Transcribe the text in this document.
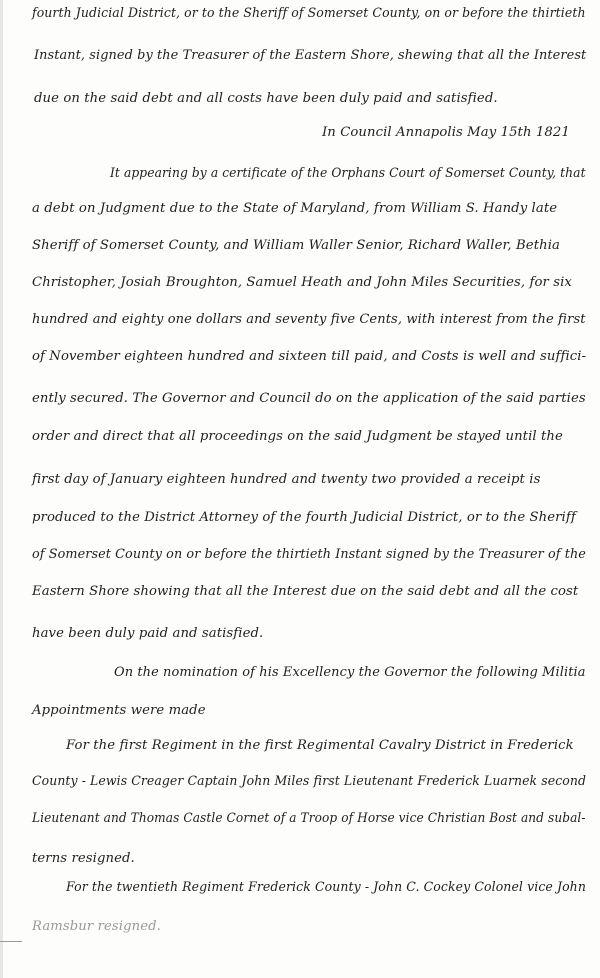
fourth Judicial District, or to the Sheriff of Somerset County, on or before the thirtieth
Instant, signed by the Treasurer of the Eastern Shore, shewing that all the Interest
due on the said debt and all costs have been duly paid and satisfied.
In Council Annapolis May 15th 1821
It appearing by a certificate of the Orphans Court of Somerset County, that
a debt on Judgment due to the State of Maryland, from William S. Handy late
Sheriff of Somerset County, and William Waller Senior, Richard Waller, Bethia
Christopher, Josiah Broughton, Samuel Heath and John Miles Securities, for six
hundred and eighty one dollars and seventy five Cents, with interest from the first
of November eighteen hundred and sixteen till paid, and Costs is well and suffici-
ently secured. The Governor and Council do on the application of the said parties
order and direct that all proceedings on the said Judgment be stayed until the
first day of January eighteen hundred and twenty two provided a receipt is
produced to the District Attorney of the fourth Judicial District, or to the Sheriff
of Somerset County on or before the thirtieth Instant signed by the Treasurer of the
Eastern Shore showing that all the Interest due on the said debt and all the cost
have been duly paid and satisfied.
On the nomination of his Excellency the Governor the following Militia
Appointments were made
For the first Regiment in the first Regimental Cavalry District in Frederick
County - Lewis Creager Captain John Miles first Lieutenant Frederick Luarnek second
Lieutenant and Thomas Castle Cornet of a Troop of Horse vice Christian Bost and subal-
terns resigned.
For the twentieth Regiment Frederick County - John C. Cockey Colonel vice John
Ramsbur resigned.
